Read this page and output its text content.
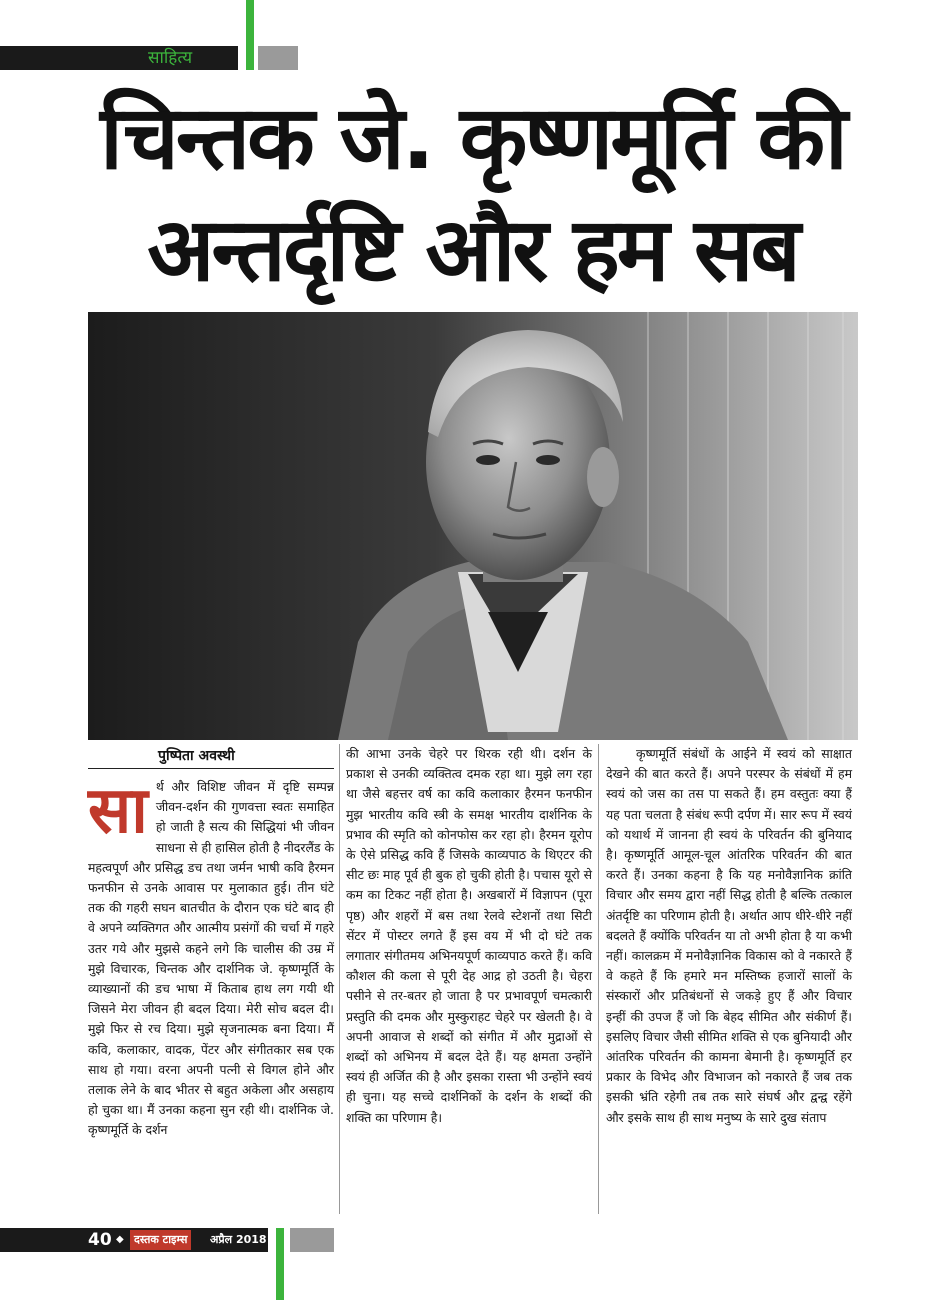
साहित्य
चिन्तक जे. कृष्णमूर्ति की
अन्तर्दृष्टि और हम सब
पुष्पिता अवस्थी

सार्थ और विशिष्ट जीवन में दृष्टि सम्पन्न जीवन-दर्शन की गुणवत्ता स्वतः समाहित हो जाती है सत्य की सिद्धियां भी जीवन साधना से ही हासिल होती है नीदरलैंड के महत्वपूर्ण और प्रसिद्ध डच तथा जर्मन भाषी कवि हैरमन फनफीन से उनके आवास पर मुलाकात हुई। तीन घंटे तक की गहरी सघन बातचीत के दौरान एक घंटे बाद ही वे अपने व्यक्तिगत और आत्मीय प्रसंगों की चर्चा में गहरे उतर गये और मुझसे कहने लगे कि चालीस की उम्र में मुझे विचारक, चिन्तक और दार्शनिक जे. कृष्णमूर्ति के व्याख्यानों की डच भाषा में किताब हाथ लग गयी थी जिसने मेरा जीवन ही बदल दिया। मेरी सोच बदल दी। मुझे फिर से रच दिया। मुझे सृजनात्मक बना दिया। मैं कवि, कलाकार, वादक, पेंटर और संगीतकार सब एक साथ हो गया। वरना अपनी पत्नी से विगल होने और तलाक लेने के बाद भीतर से बहुत अकेला और असहाय हो चुका था। मैं उनका कहना सुन रही थी। दार्शनिक जे. कृष्णमूर्ति के दर्शन

की आभा उनके चेहरे पर थिरक रही थी। दर्शन के प्रकाश से उनकी व्यक्तित्व दमक रहा था। मुझे लग रहा था जैसे बहत्तर वर्ष का कवि कलाकार हैरमन फनफीन मुझ भारतीय कवि स्त्री के समक्ष भारतीय दार्शनिक के प्रभाव की स्मृति को कोनफोस कर रहा हो। हैरमन यूरोप के ऐसे प्रसिद्ध कवि हैं जिसके काव्यपाठ के थिएटर की सीट छः माह पूर्व ही बुक हो चुकी होती है। पचास यूरो से कम का टिकट नहीं होता है। अखबारों में विज्ञापन (पूरा पृष्ठ) और शहरों में बस तथा रेलवे स्टेशनों तथा सिटी सेंटर में पोस्टर लगते हैं इस वय में भी दो घंटे तक लगातार संगीतमय अभिनयपूर्ण काव्यपाठ करते हैं। कवि कौशल की कला से पूरी देह आद्र हो उठती है। चेहरा पसीने से तर-बतर हो जाता है पर प्रभावपूर्ण चमत्कारी प्रस्तुति की दमक और मुस्कुराहट चेहरे पर खेलती है। वे अपनी आवाज से शब्दों को संगीत में और मुद्राओं से शब्दों को अभिनय में बदल देते हैं। यह क्षमता उन्होंने स्वयं ही अर्जित की है और इसका रास्ता भी उन्होंने स्वयं ही चुना। यह सच्चे दार्शनिकों के दर्शन के शब्दों की शक्ति का परिणाम है।

कृष्णमूर्ति संबंधों के आईने में स्वयं को साक्षात देखने की बात करते हैं। अपने परस्पर के संबंधों में हम स्वयं को जस का तस पा सकते हैं। हम वस्तुतः क्या हैं यह पता चलता है संबंध रूपी दर्पण में। सार रूप में स्वयं को यथार्थ में जानना ही स्वयं के परिवर्तन की बुनियाद है। कृष्णमूर्ति आमूल-चूल आंतरिक परिवर्तन की बात करते हैं। उनका कहना है कि यह मनोवैज्ञानिक क्रांति विचार और समय द्वारा नहीं सिद्ध होती है बल्कि तत्काल अंतर्दृष्टि का परिणाम होती है। अर्थात आप धीरे-धीरे नहीं बदलते हैं क्योंकि परिवर्तन या तो अभी होता है या कभी नहीं। कालक्रम में मनोवैज्ञानिक विकास को वे नकारते हैं वे कहते हैं कि हमारे मन मस्तिष्क हजारों सालों के संस्कारों और प्रतिबंधनों से जकड़े हुए हैं और विचार इन्हीं की उपज हैं जो कि बेहद सीमित और संकीर्ण हैं। इसलिए विचार जैसी सीमित शक्ति से एक बुनियादी और आंतरिक परिवर्तन की कामना बेमानी है। कृष्णमूर्ति हर प्रकार के विभेद और विभाजन को नकारते हैं जब तक इसकी भ्रंति रहेगी तब तक सारे संघर्ष और द्वन्द्व रहेंगे और इसके साथ ही साथ मनुष्य के सारे दुख संताप

40 ◆ दस्तक टाइम्स	अप्रैल 2018
